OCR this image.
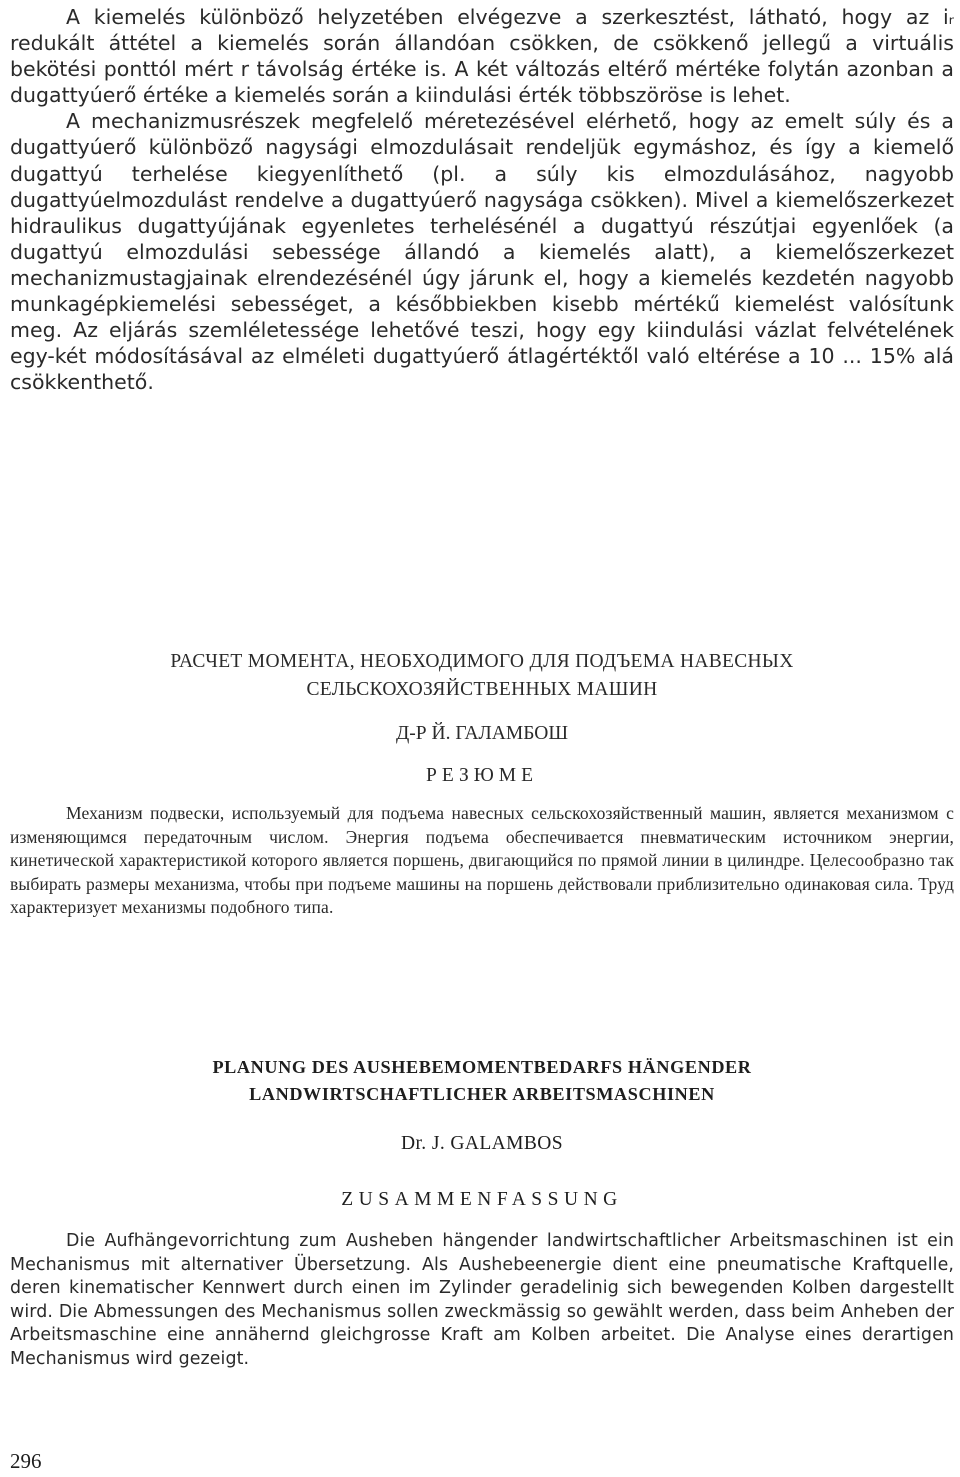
A kiemelés különböző helyzetében elvégezve a szerkesztést, látható, hogy az iᵣ redukált áttétel a kiemelés során állandóan csökken, de csökkenő jellegű a virtuális bekötési ponttól mért r távolság értéke is. A két változás eltérő mértéke folytán azonban a dugattyúerő értéke a kiemelés során a kiindulási érték többszöröse is lehet.

A mechanizmusrészek megfelelő méretezésével elérhető, hogy az emelt súly és a dugattyúerő különböző nagysági elmozdulásait rendeljük egymáshoz, és így a kiemelő dugattyú terhelése kiegyenlíthető (pl. a súly kis elmozdulásához, nagyobb dugattyúelmozdulást rendelve a dugattyúerő nagysága csökken). Mivel a kiemelőszerkezet hidraulikus dugattyújának egyenletes terhelésénél a dugattyú részútjai egyenlőek (a dugattyú elmozdulási sebessége állandó a kiemelés alatt), a kiemelőszerkezet mechanizmustagjainak elrendezésénél úgy járunk el, hogy a kiemelés kezdetén nagyobb munkagépkiemelési sebességet, a későbbiekben kisebb mértékű kiemelést valósítunk meg. Az eljárás szemléletessége lehetővé teszi, hogy egy kiindulási vázlat felvételének egy-két módosításával az elméleti dugattyúerő átlagértéktől való eltérése a 10 ... 15% alá csökkenthető.

РАСЧЕТ МОМЕНТА, НЕОБХОДИМОГО ДЛЯ ПОДЪЕМА НАВЕСНЫХ
СЕЛЬСКОХОЗЯЙСТВЕННЫХ МАШИН

Д-Р Й. ГАЛАМБОШ

РЕЗЮМЕ

Механизм подвески, используемый для подъема навесных сельскохозяйственный машин, является механизмом с изменяющимся передаточным числом. Энергия подъема обеспечивается пневматическим источником энергии, кинетической характеристикой которого является поршень, двигающийся по прямой линии в цилиндре. Целесообразно так выбирать размеры механизма, чтобы при подъеме машины на поршень действовали приблизительно одинаковая сила. Труд характеризует механизмы подобного типа.

PLANUNG DES AUSHEBEMOMENTBEDARFS HÄNGENDER
LANDWIRTSCHAFTLICHER ARBEITSMASCHINEN

Dr. J. GALAMBOS

ZUSAMMENFASSUNG

Die Aufhängevorrichtung zum Ausheben hängender landwirtschaftlicher Arbeitsmaschinen ist ein Mechanismus mit alternativer Übersetzung. Als Aushebeenergie dient eine pneumatische Kraftquelle, deren kinematischer Kennwert durch einen im Zylinder geradelinig sich bewegenden Kolben dargestellt wird. Die Abmessungen des Mechanismus sollen zweckmässig so gewählt werden, dass beim Anheben der Arbeitsmaschine eine annähernd gleichgrosse Kraft am Kolben arbeitet. Die Analyse eines derartigen Mechanismus wird gezeigt.

296
